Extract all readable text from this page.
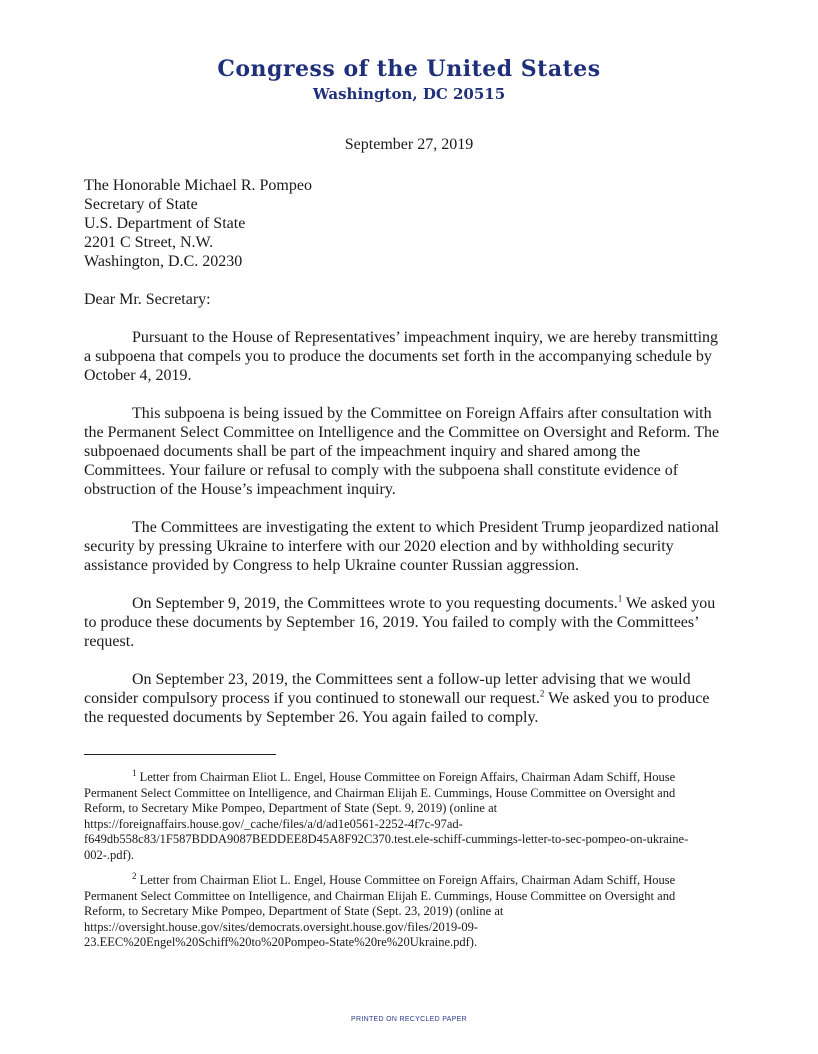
Congress of the United States
Washington, DC 20515
September 27, 2019
The Honorable Michael R. Pompeo
Secretary of State
U.S. Department of State
2201 C Street, N.W.
Washington, D.C. 20230
Dear Mr. Secretary:
Pursuant to the House of Representatives’ impeachment inquiry, we are hereby transmitting a subpoena that compels you to produce the documents set forth in the accompanying schedule by October 4, 2019.
This subpoena is being issued by the Committee on Foreign Affairs after consultation with the Permanent Select Committee on Intelligence and the Committee on Oversight and Reform. The subpoenaed documents shall be part of the impeachment inquiry and shared among the Committees. Your failure or refusal to comply with the subpoena shall constitute evidence of obstruction of the House’s impeachment inquiry.
The Committees are investigating the extent to which President Trump jeopardized national security by pressing Ukraine to interfere with our 2020 election and by withholding security assistance provided by Congress to help Ukraine counter Russian aggression.
On September 9, 2019, the Committees wrote to you requesting documents.$^1$ We asked you to produce these documents by September 16, 2019. You failed to comply with the Committees’ request.
On September 23, 2019, the Committees sent a follow-up letter advising that we would consider compulsory process if you continued to stonewall our request.$^2$ We asked you to produce the requested documents by September 26. You again failed to comply.
$^1$ Letter from Chairman Eliot L. Engel, House Committee on Foreign Affairs, Chairman Adam Schiff, House Permanent Select Committee on Intelligence, and Chairman Elijah E. Cummings, House Committee on Oversight and Reform, to Secretary Mike Pompeo, Department of State (Sept. 9, 2019) (online at https://foreignaffairs.house.gov/_cache/files/a/d/ad1e0561-2252-4f7c-97ad-f649db558c83/1F587BDDA9087BEDDEE8D45A8F92C370.test.ele-schiff-cummings-letter-to-sec-pompeo-on-ukraine-002-.pdf).
$^2$ Letter from Chairman Eliot L. Engel, House Committee on Foreign Affairs, Chairman Adam Schiff, House Permanent Select Committee on Intelligence, and Chairman Elijah E. Cummings, House Committee on Oversight and Reform, to Secretary Mike Pompeo, Department of State (Sept. 23, 2019) (online at https://oversight.house.gov/sites/democrats.oversight.house.gov/files/2019-09-23.EEC%20Engel%20Schiff%20to%20Pompeo-State%20re%20Ukraine.pdf).
PRINTED ON RECYCLED PAPER
